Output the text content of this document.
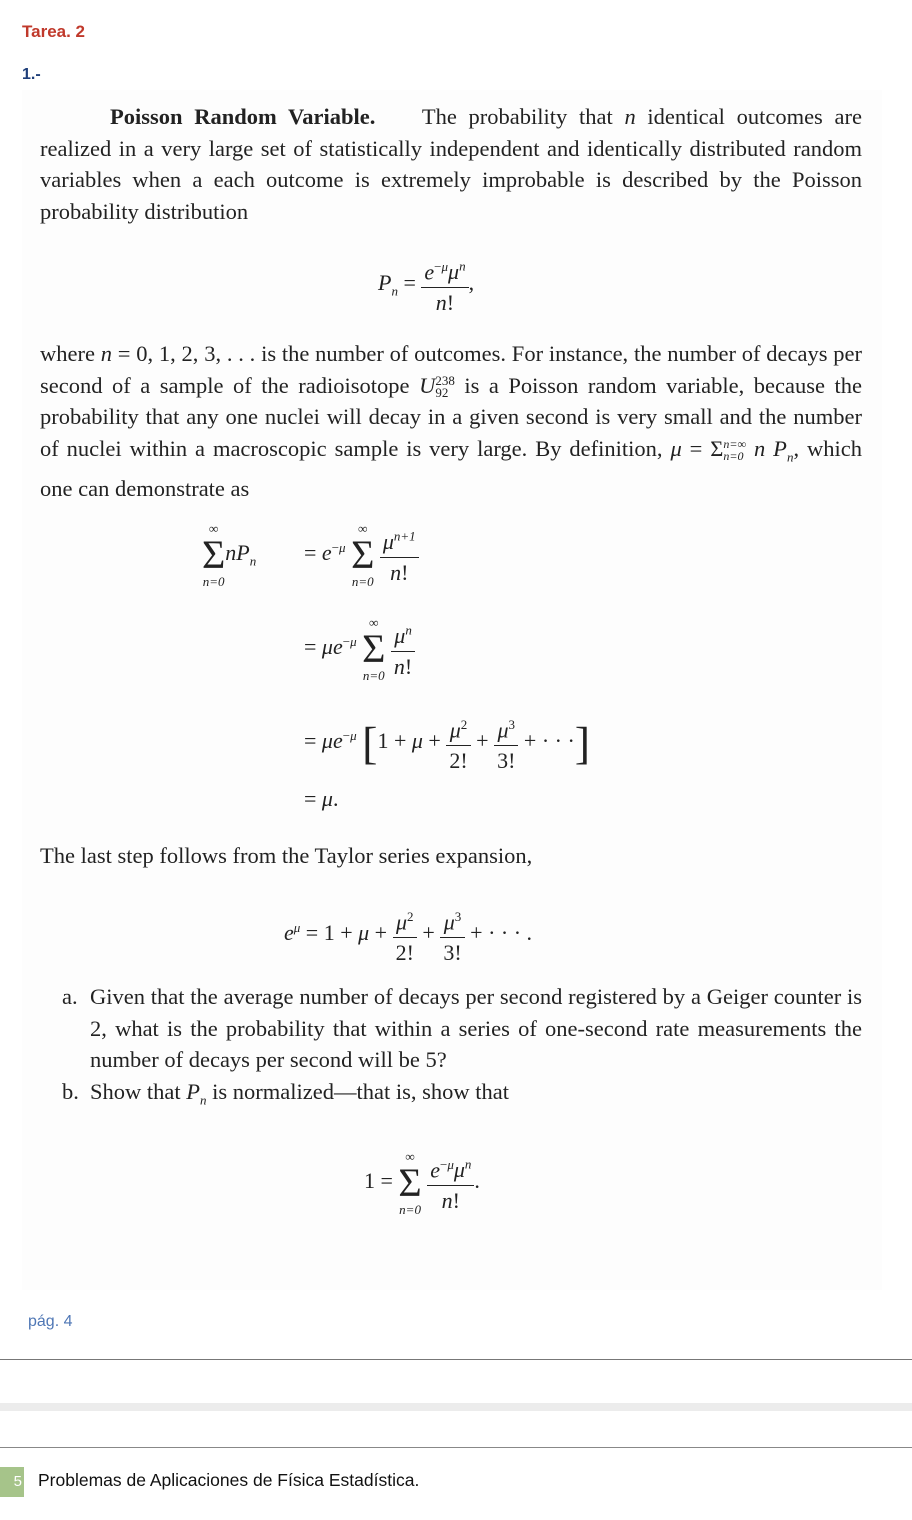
Tarea. 2
1.-
Poisson Random Variable. The probability that n identical outcomes are realized in a very large set of statistically independent and identically distributed random variables when a each outcome is extremely improbable is described by the Poisson probability distribution
$P_n = \frac{e^{-\mu}\mu^n}{n!}$ ,
where n = 0, 1, 2, 3, . . . is the number of outcomes. For instance, the number of decays per second of a sample of the radioisotope U 238
92 is a Poisson random variable, because the probability that any one nuclei will decay in a given second is very small and the number of nuclei within a macroscopic sample is very large. By definition, μ = Σ n=∞
n=0 n $P_n$, which one can demonstrate as
∞
Σ
n=0
$nP_n = e^{-\mu}$
∞
Σ
n=0
$\frac{\mu^{n+1}}{n!}$
= $\mu e^{-\mu}$
∞
Σ
n=0
$\frac{\mu^n}{n!}$
= $\mu e^{-\mu}$ [$1 + \mu + \frac{\mu^2}{2!} + \frac{\mu^3}{3!}$ + · · ·]
= μ.
The last step follows from the Taylor series expansion,
$e^\mu = 1 + \mu + \frac{\mu^2}{2!} + \frac{\mu^3}{3!}$ + · · · .
a. Given that the average number of decays per second registered by a Geiger counter is 2, what is the probability that within a series of one-second rate measurements the number of decays per second will be 5?
b. Show that $P_n$ is normalized—that is, show that
1 =
∞
Σ
n=0
$\frac{e^{-\mu}\mu^n}{n!}$ .
pág. 4
5 Problemas de Aplicaciones de Física Estadística.
